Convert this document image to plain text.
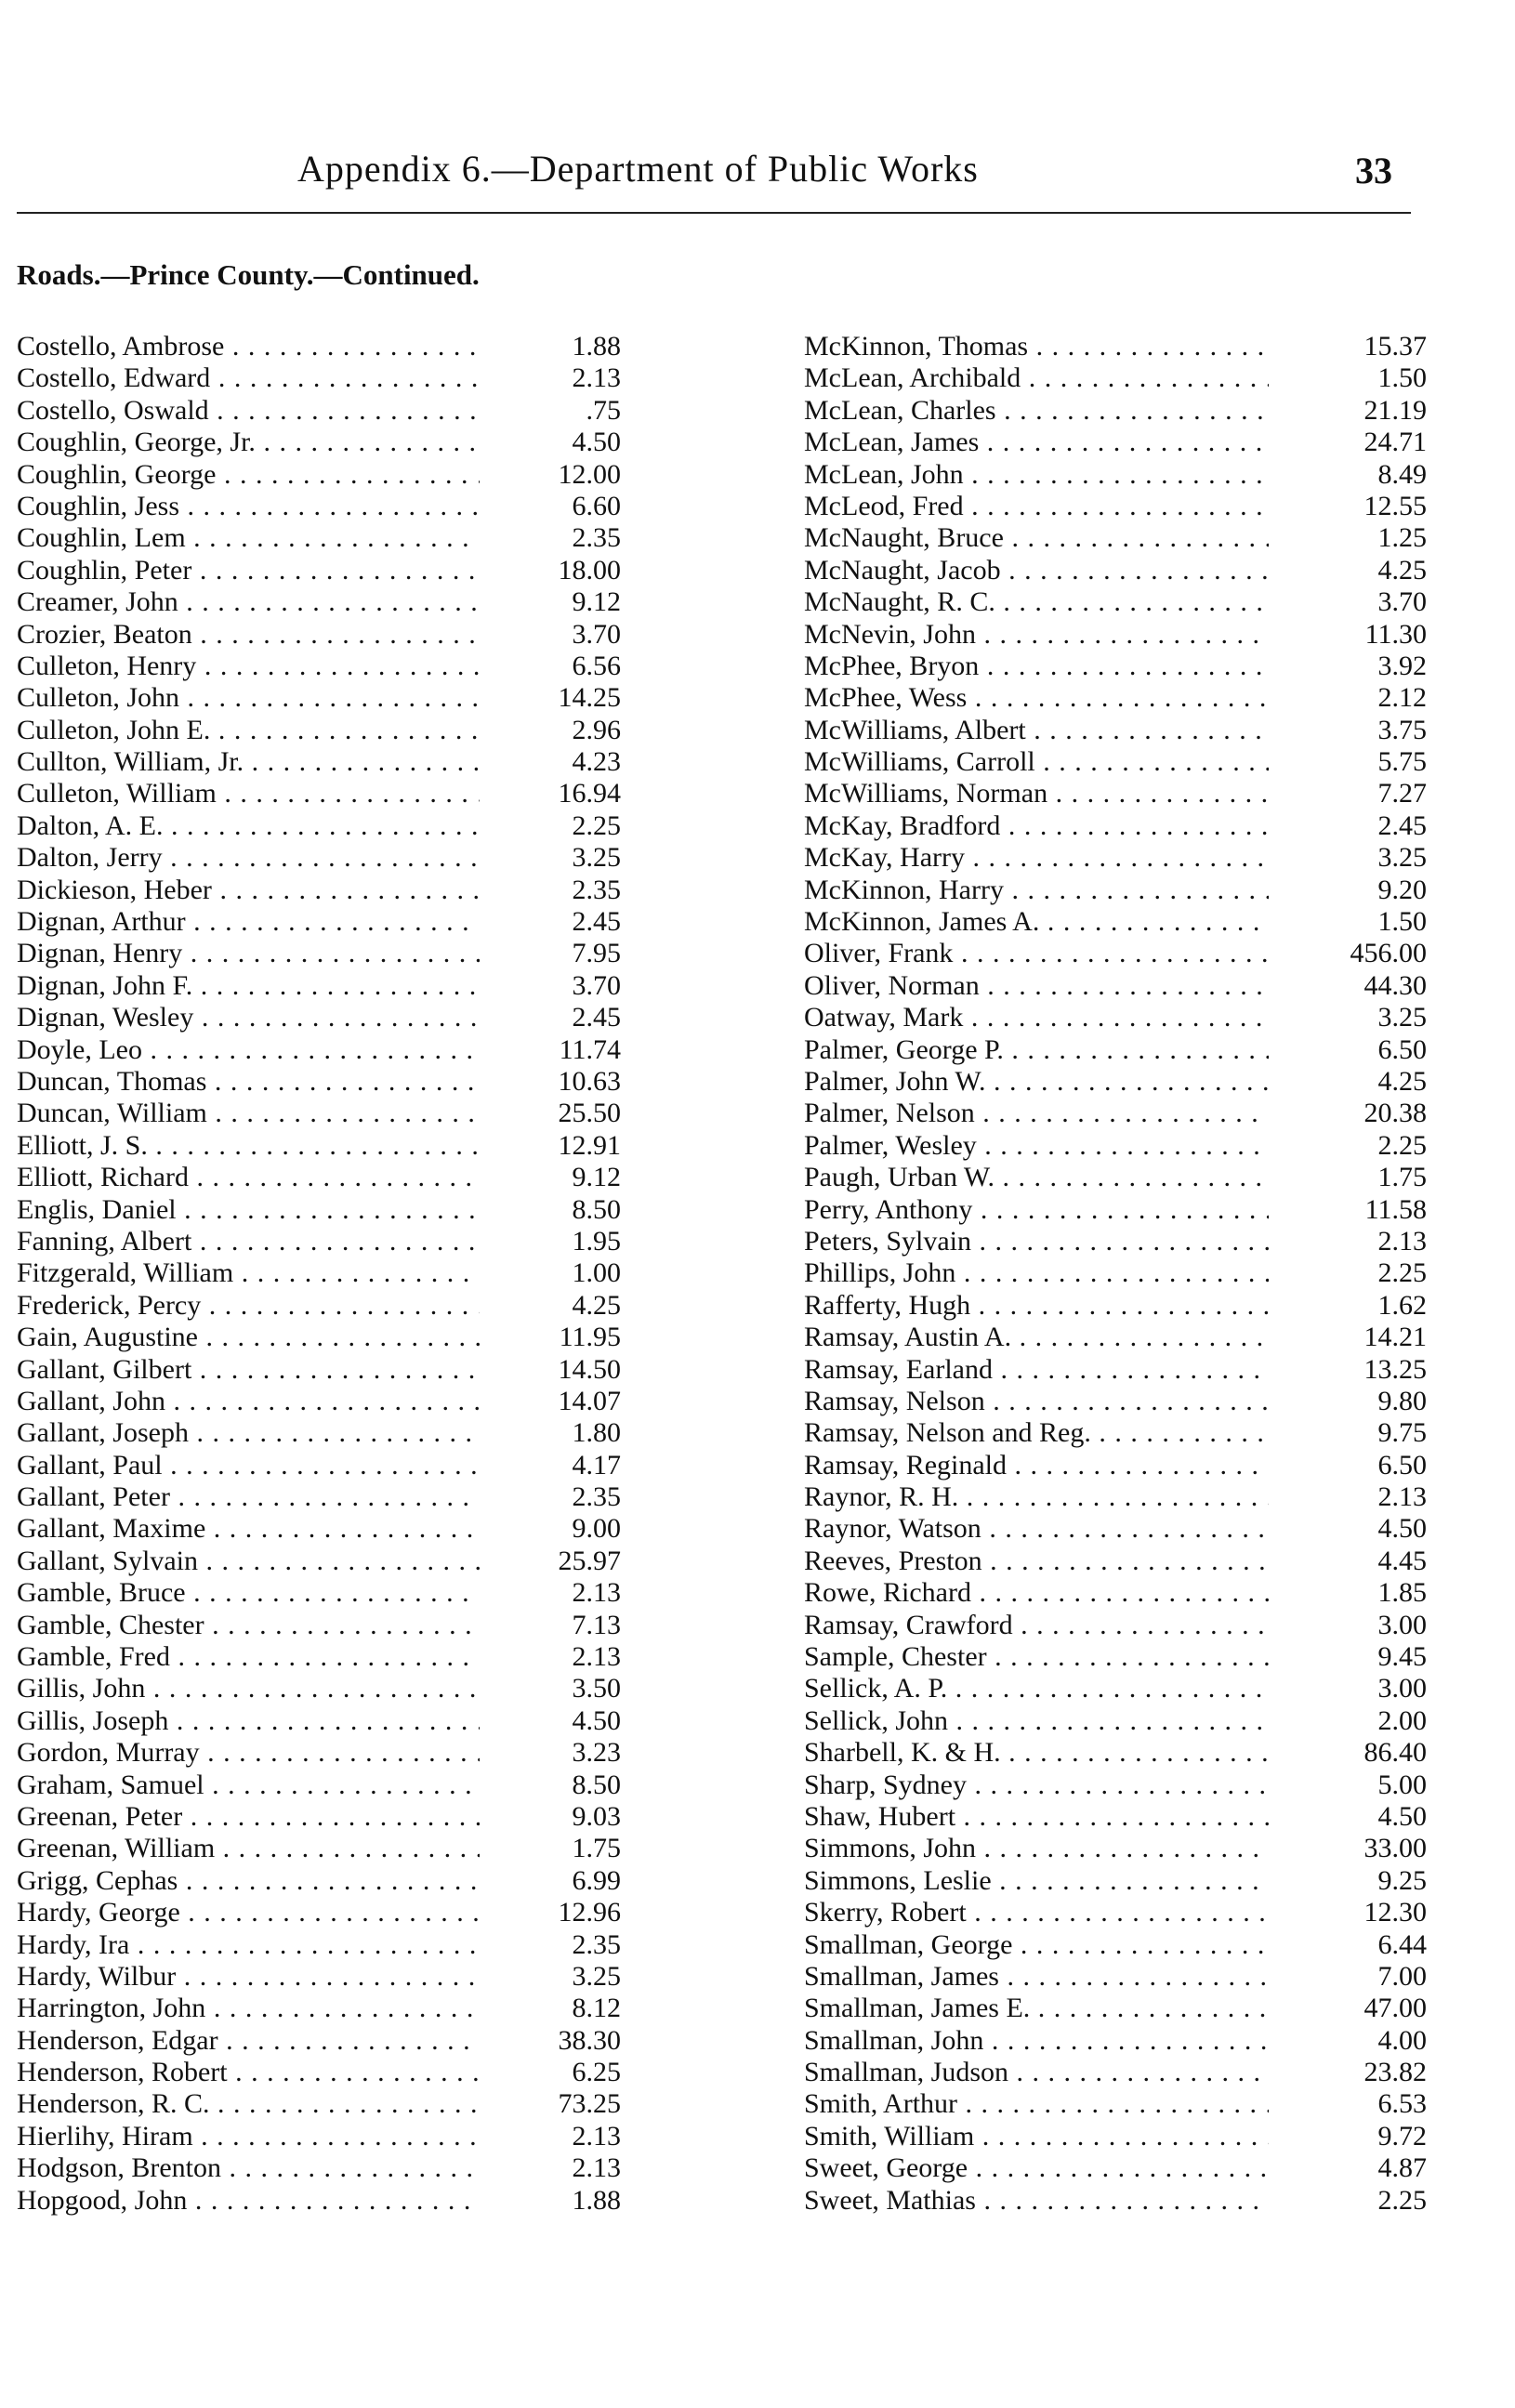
Appendix 6.—Department of Public Works	33
Roads.—Prince County.—Continued.
Costello, Ambrose . . .	1.88
Costello, Edward . . .	2.13
Costello, Oswald . . .	.75
Coughlin, George, Jr. . . .	4.50
Coughlin, George . . .	12.00
Coughlin, Jess . . .	6.60
Coughlin, Lem . . .	2.35
Coughlin, Peter . . .	18.00
Creamer, John . . .	9.12
Crozier, Beaton . . .	3.70
Culleton, Henry . . .	6.56
Culleton, John . . .	14.25
Culleton, John E. . . .	2.96
Cullton, William, Jr. . . .	4.23
Culleton, William . . .	16.94
Dalton, A. E. . . .	2.25
Dalton, Jerry . . .	3.25
Dickieson, Heber . . .	2.35
Dignan, Arthur . . .	2.45
Dignan, Henry . . .	7.95
Dignan, John F. . . .	3.70
Dignan, Wesley . . .	2.45
Doyle, Leo . . .	11.74
Duncan, Thomas . . .	10.63
Duncan, William . . .	25.50
Elliott, J. S. . . .	12.91
Elliott, Richard . . .	9.12
Englis, Daniel . . .	8.50
Fanning, Albert . . .	1.95
Fitzgerald, William . . .	1.00
Frederick, Percy . . .	4.25
Gain, Augustine . . .	11.95
Gallant, Gilbert . . .	14.50
Gallant, John . . .	14.07
Gallant, Joseph . . .	1.80
Gallant, Paul . . .	4.17
Gallant, Peter . . .	2.35
Gallant, Maxime . . .	9.00
Gallant, Sylvain . . .	25.97
Gamble, Bruce . . .	2.13
Gamble, Chester . . .	7.13
Gamble, Fred . . .	2.13
Gillis, John . . .	3.50
Gillis, Joseph . . .	4.50
Gordon, Murray . . .	3.23
Graham, Samuel . . .	8.50
Greenan, Peter . . .	9.03
Greenan, William . . .	1.75
Grigg, Cephas . . .	6.99
Hardy, George . . .	12.96
Hardy, Ira . . .	2.35
Hardy, Wilbur . . .	3.25
Harrington, John . . .	8.12
Henderson, Edgar . . .	38.30
Henderson, Robert . . .	6.25
Henderson, R. C. . . .	73.25
Hierlihy, Hiram . . .	2.13
Hodgson, Brenton . . .	2.13
Hopgood, John . . .	1.88
McKinnon, Thomas . . .	15.37
McLean, Archibald . . .	1.50
McLean, Charles . . .	21.19
McLean, James . . .	24.71
McLean, John . . .	8.49
McLeod, Fred . . .	12.55
McNaught, Bruce . . .	1.25
McNaught, Jacob . . .	4.25
McNaught, R. C. . . .	3.70
McNevin, John . . .	11.30
McPhee, Bryon . . .	3.92
McPhee, Wess . . .	2.12
McWilliams, Albert . . .	3.75
McWilliams, Carroll . . .	5.75
McWilliams, Norman . . .	7.27
McKay, Bradford . . .	2.45
McKay, Harry . . .	3.25
McKinnon, Harry . . .	9.20
McKinnon, James A. . . .	1.50
Oliver, Frank . . .	456.00
Oliver, Norman . . .	44.30
Oatway, Mark . . .	3.25
Palmer, George P. . . .	6.50
Palmer, John W. . . .	4.25
Palmer, Nelson . . .	20.38
Palmer, Wesley . . .	2.25
Paugh, Urban W. . . .	1.75
Perry, Anthony . . .	11.58
Peters, Sylvain . . .	2.13
Phillips, John . . .	2.25
Rafferty, Hugh . . .	1.62
Ramsay, Austin A. . . .	14.21
Ramsay, Earland . . .	13.25
Ramsay, Nelson . . .	9.80
Ramsay, Nelson and Reg. . . .	9.75
Ramsay, Reginald . . .	6.50
Raynor, R. H. . . .	2.13
Raynor, Watson . . .	4.50
Reeves, Preston . . .	4.45
Rowe, Richard . . .	1.85
Ramsay, Crawford . . .	3.00
Sample, Chester . . .	9.45
Sellick, A. P. . . .	3.00
Sellick, John . . .	2.00
Sharbell, K. & H. . . .	86.40
Sharp, Sydney . . .	5.00
Shaw, Hubert . . .	4.50
Simmons, John . . .	33.00
Simmons, Leslie . . .	9.25
Skerry, Robert . . .	12.30
Smallman, George . . .	6.44
Smallman, James . . .	7.00
Smallman, James E. . . .	47.00
Smallman, John . . .	4.00
Smallman, Judson . . .	23.82
Smith, Arthur . . .	6.53
Smith, William . . .	9.72
Sweet, George . . .	4.87
Sweet, Mathias . . .	2.25
